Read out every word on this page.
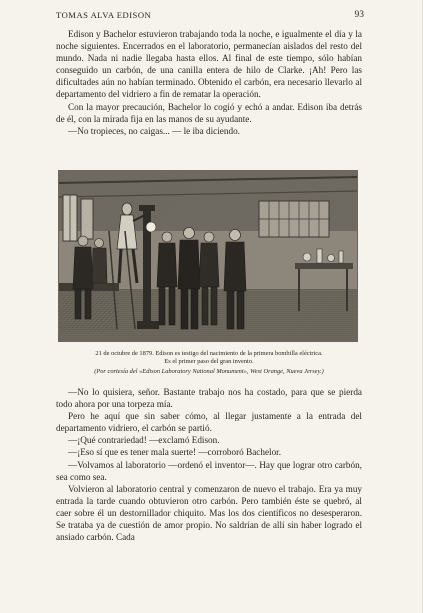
TOMAS ALVA EDISON	93

Edison y Bachelor estuvieron trabajando toda la noche, e igualmente el día y la noche siguientes. Encerrados en el laboratorio, permanecían aislados del resto del mundo. Nada ni nadie llegaba hasta ellos. Al final de este tiempo, sólo habían conseguido un carbón, de una canilla entera de hilo de Clarke. ¡Ah! Pero las dificultades aún no habían terminado. Obtenido el carbón, era necesario llevarlo al departamento del vidriero a fin de rematar la operación.

Con la mayor precaución, Bachelor lo cogió y echó a andar. Edison iba detrás de él, con la mirada fija en las manos de su ayudante.

—No tropieces, no caigas... — le iba diciendo.

21 de octubre de 1879. Edison es testigo del nacimiento de la primera bombilla eléctrica.
Es el primer paso del gran invento.
(Por cortesía del «Edison Laboratory National Monument», West Orange, Nueva Jersey.)

—No lo quisiera, señor. Bastante trabajo nos ha costado, para que se pierda todo ahora por una torpeza mía.

Pero he aquí que sin saber cómo, al llegar justamente a la entrada del departamento vidriero, el carbón se partió.

—¡Qué contrariedad! —exclamó Edison.

—¡Eso sí que es tener mala suerte! —corroboró Bachelor.

—Volvamos al laboratorio —ordenó el inventor—. Hay que lograr otro carbón, sea como sea.

Volvieron al laboratorio central y comenzaron de nuevo el trabajo. Era ya muy entrada la tarde cuando obtuvieron otro carbón. Pero también éste se quebró, al caer sobre él un destornillador chiquito. Mas los dos científicos no desesperaron. Se trataba ya de cuestión de amor propio. No saldrían de allí sin haber logrado el ansiado carbón. Cada
